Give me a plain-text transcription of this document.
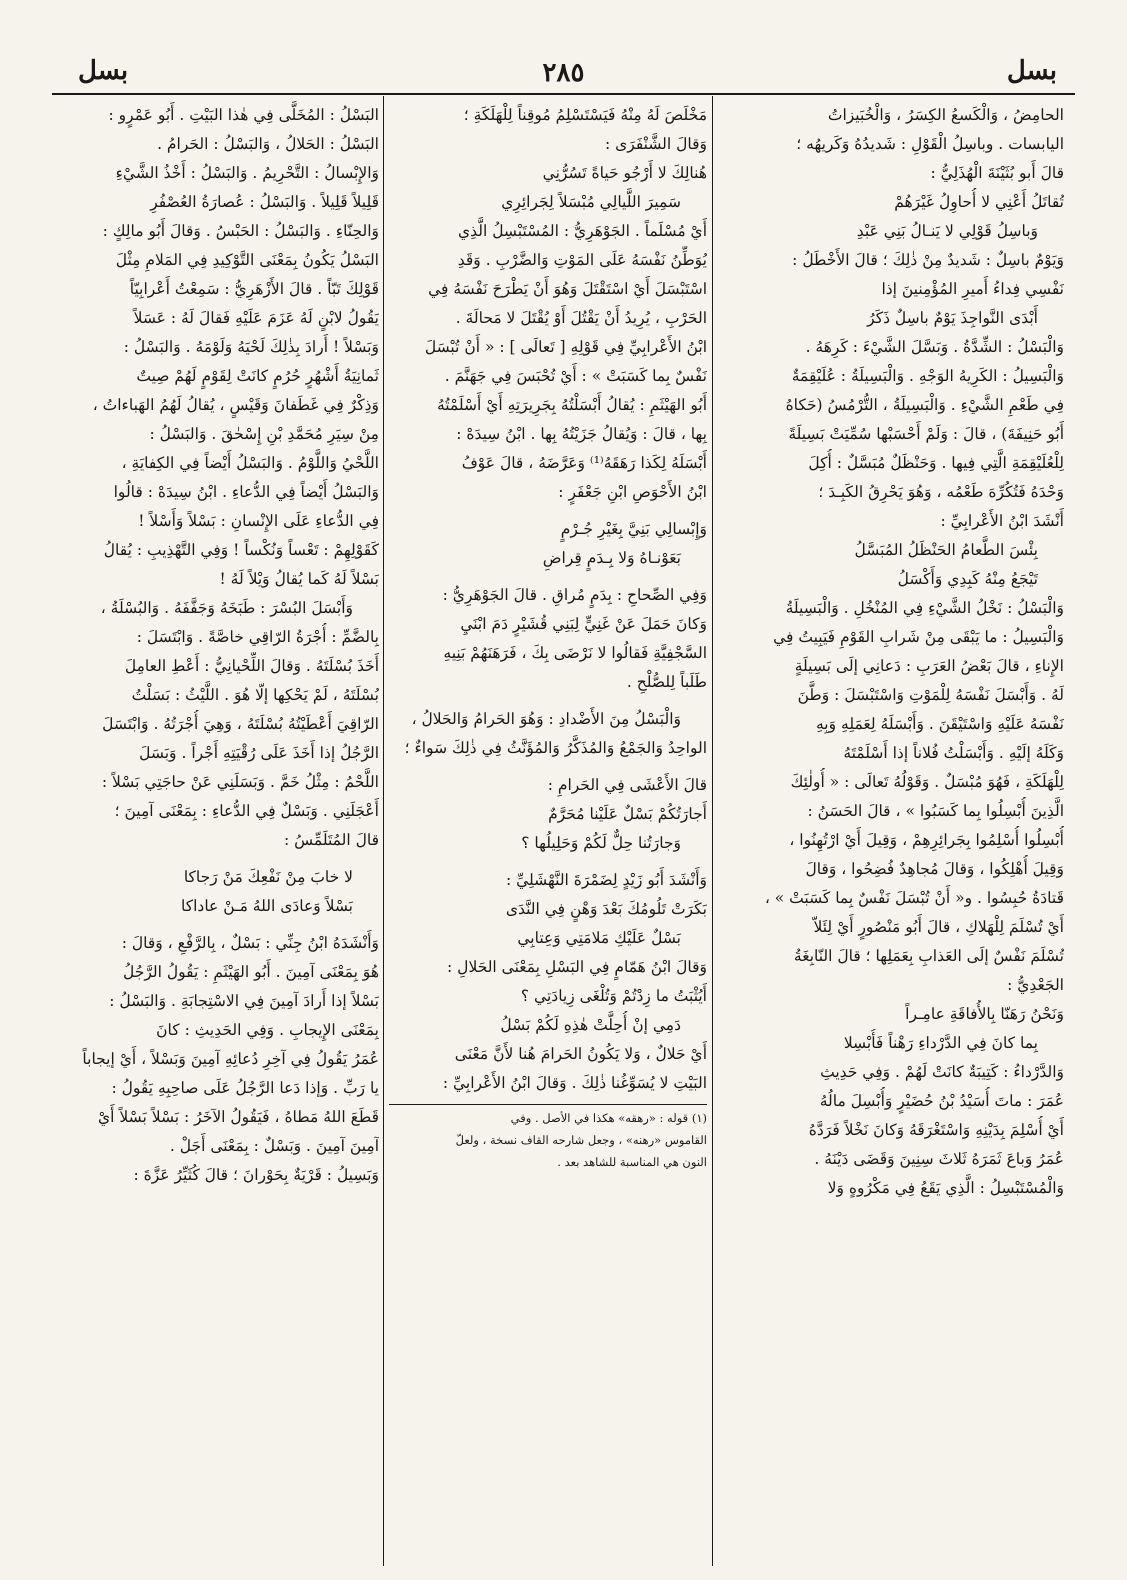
بسل
٢٨٥
بسل
الحامِضُ ، وَالْكَسعُ الكِسَرُ ، وَالْخُبَيزاتُ
اليابسات . وباسِلُ الْقَوْلِ : شَديدُهُ وَكَريهُه ؛
قالَ أَبو بُثَيْنَةَ الْهُذَلِيُّ :
تُقاتَلُ أَعْنِي لا أُحاوِلُ غَيْرَهُمْ
وَباسِلُ قَوْلِي لا يَنـالُ بَنِي عَبْدِ
وَيَوْمٌ باسِلٌ : شَديدٌ مِنْ ذٰلِكَ ؛ قالَ الأَخْطَلُ :
نَفْسِي فِداءُ أَميرِ المُؤْمِنينَ إذا
أَبْدَى النَّواجِذَ يَوْمٌ باسِلٌ ذَكَرُ
وَالْبَسْلُ : الشِّدَّةُ . وَبَسَّلَ الشَّيْءَ : كَرِهَهُ .
وَالْبَسِيلُ : الكَرِيهُ الوَجْهِ . وَالْبَسِيلَةُ : عُلَيْقِمَةٌ
فِي طَعْمِ الشَّيْءِ . وَالْبَسِيلَةُ ، التُّرْمُسُ (حَكاهُ
أَبُو حَنِيفَةَ) ، قالَ : وَلَمْ أَحْسَبْها سُمِّيَتْ بَسِيلَةً
لِلْعُلَيْقِمَةِ الَّتِي فِيها . وَحَنْظَلٌ مُبَسَّلٌ : أُكِلَ
وَحْدَهُ فَتُكُرِّهَ طَعْمُه ، وَهُوَ يَحْرِقُ الكَبِـدَ ؛
أَنْشَدَ ابْنُ الأَعْرابِيِّ :
بِئْسَ الطَّعامُ الحَنْظَلُ المُبَسَّلُ
تَيْجَعُ مِنْهُ كَبِدِي وَأَكْسَلُ
وَالْبَسْلُ : نَخْلُ الشَّيْءِ فِي المُنْخُلِ . وَالْبَسِيلَةُ
وَالْبَسِيلُ : ما يَبْقَى مِنْ شَرابِ القَوْمِ فَيَبِيتُ فِي
الإِناءِ ، قالَ بَعْضُ العَرَبِ : دَعانِي إلَى بَسِيلَةٍ
لَهُ . وَأَبْسَلَ نَفْسَهُ لِلْمَوْتِ وَاسْتَبْسَلَ : وَطَّنَ
نَفْسَهُ عَلَيْهِ وَاسْتَيْقَنَ . وَأَبْسَلَهُ لِعَمَلِهِ وَبِهِ
وَكَلَهُ إلَيْهِ . وَأَبْسَلْتُ فُلاناً إذا أَسْلَمْتَهُ
لِلْهَلَكَةِ ، فَهُوَ مُبْسَلٌ . وَقَوْلُهُ تَعالَى : « أُولٰئِكَ
الَّذِينَ أُبْسِلُوا بِما كَسَبُوا » ، قالَ الحَسَنُ :
أُبْسِلُوا أُسْلِمُوا بِجَرائِرِهِمْ ، وَقِيلَ أَيْ ارْتُهِنُوا ،
وَقِيلَ أُهْلِكُوا ، وَقالَ مُجاهِدٌ فُضِحُوا ، وَقالَ
قَتادَةُ حُبِسُوا . و« أَنْ تُبْسَلَ نَفْسٌ بِما كَسَبَتْ » ،
أَيْ تُسْلَمَ لِلْهَلاكِ ، قالَ أَبُو مَنْصُورٍ أَيْ لِئَلاّ
تُسْلَمَ نَفْسٌ إلَى العَذابِ بِعَمَلِها ؛ قالَ النّابِغَةُ
الجَعْدِيُّ :
وَنَحْنُ رَهَنّا بِالأُفاقَةِ عامِـراً
بِما كانَ فِي الدَّرْداءِ رَهْناً فَأُبْسِلا
وَالدَّرْداءُ : كَتِيبَةٌ كانَتْ لَهُمْ . وَفِي حَدِيثِ
عُمَرَ : ماتَ أُسَيْدُ بْنُ حُضَيْرٍ وَأُبْسِلَ مالُهُ
أَيْ أُسْلِمَ بِدَيْنِهِ وَاسْتَغْرَقَهُ وَكانَ نَخْلاً فَرَدَّهُ
عُمَرُ وَباعَ ثَمَرَهُ ثَلاثَ سِنِينَ وَقَضَى دَيْنَهُ .
وَالْمُسْتَبْسِلُ : الَّذِي يَقَعُ فِي مَكْرُوهٍ وَلا
مَخْلَصَ لَهُ مِنْهُ فَيَسْتَسْلِمُ مُوقِناً لِلْهَلَكَةِ ؛
وَقالَ الشَّنْفَرَى :
هُنالِكَ لا أَرْجُو حَياةً تَسُرُّنِي
سَمِيرَ اللَّيالِي مُبْسَلاً لِجَرائِرِي
أَيْ مُسْلَماً . الجَوْهَرِيُّ : المُسْتَبْسِلُ الَّذِي
يُوَطِّنُ نَفْسَهُ عَلَى المَوْتِ وَالضَّرْبِ . وَقَدِ
اسْتَبْسَلَ أَيْ اسْتَقْتَلَ وَهُوَ أَنْ يَطْرَحَ نَفْسَهُ فِي
الحَرْبِ ، يُرِيدُ أَنْ يَقْتُلَ أَوْ يُقْتَلَ لا مَحالَةَ .
ابْنُ الأَعْرابِيِّ فِي قَوْلِهِ [ تَعالَى ] : « أَنْ تُبْسَلَ
نَفْسٌ بِما كَسَبَتْ » : أَيْ تُحْبَسَ فِي جَهَنَّمَ .
أَبُو الهَيْثَمِ : يُقالُ أَبْسَلْتُهُ بِجَرِيرَتِهِ أَيْ أَسْلَمْتُهُ
بِها ، قالَ : وَيُقالُ جَزَيْتُهُ بِها . ابْنُ سِيدَهْ :
أَبْسَلَهُ لِكَذا رَهَقَهُ⁽¹⁾ وَعَرَّضَهُ ، قالَ عَوْفُ
ابْنُ الأَحْوَصِ ابْنِ جَعْفَرٍ :
وَإِبْسالِي بَنِيَّ بِغَيْرِ جُـرْمٍ
بَعَوْنـاهُ وَلا بِـدَمٍ قِراضِ
وَفِي الصِّحاحِ : بِدَمٍ مُراقِ . قالَ الجَوْهَرِيُّ :
وَكانَ حَمَلَ عَنْ غَنِيٍّ لِبَنِي قُشَيْرٍ دَمَ ابْنَيِ
السَّجْفِيَّةِ فَقالُوا لا نَرْضَى بِكَ ، فَرَهَنَهُمْ بَنِيهِ
طَلَباً لِلصُّلْحِ .
وَالْبَسْلُ مِنَ الأَضْدادِ : وَهُوَ الحَرامُ وَالحَلالُ ،
الواحِدُ وَالجَمْعُ وَالمُذَكَّرُ وَالمُؤَنَّثُ فِي ذٰلِكَ سَواءٌ ؛
قالَ الأَعْشَى فِي الحَرامِ :
أَجارَتُكُمْ بَسْلٌ عَلَيْنا مُحَرَّمٌ
وَجارَتُنا حِلٌّ لَكُمْ وَحَلِيلُها ؟
وَأَنْشَدَ أَبُو زَيْدٍ لِضَمْرَةَ النَّهْشَلِيِّ :
بَكَرَتْ تَلُومُكَ بَعْدَ وَهْنٍ فِي النَّدَى
بَسْلٌ عَلَيْكِ مَلامَتِي وَعِتابِي
وَقالَ ابْنُ هَمّامٍ فِي البَسْلِ بِمَعْنَى الحَلالِ :
أَيُثْبَتُ ما زِدْتُمْ وَتُلْغَى زِيادَتِي ؟
دَمِي إنْ أُحِلَّتْ هٰذِهِ لَكُمْ بَسْلُ
أَيْ حَلالٌ ، وَلا يَكُونُ الحَرامَ هُنا لأَنَّ مَعْنَى
البَيْتِ لا يُسَوِّغُنا ذٰلِكَ . وَقالَ ابْنُ الأَعْرابِيِّ :
(١) قوله : «رهقه» هكذا في الأصل . وفي
القاموس «رهنه» ، وجعل شارحه القاف نسخة ، ولعلّ
النون هي المناسبة للشاهد بعد .
البَسْلُ : المُخَلَّى فِي هٰذا البَيْتِ . أَبُو عَمْرٍو :
البَسْلُ : الحَلالُ ، وَالبَسْلُ : الحَرامُ .
وَالإِبْسالُ : التَّحْرِيمُ . وَالبَسْلُ : أَخْذُ الشَّيْءِ
قَلِيلاً قَلِيلاً . وَالبَسْلُ : عُصارَةُ العُصْفُرِ
وَالحِنّاءِ . وَالبَسْلُ : الحَبْسُ . وَقالَ أَبُو مالِكٍ :
البَسْلُ يَكُونُ بِمَعْنَى التَّوْكِيدِ فِي المَلامِ مِثْلَ
قَوْلِكَ تَبّاً . قالَ الأَزْهَرِيُّ : سَمِعْتُ أَعْرابِيّاً
يَقُولُ لابْنٍ لَهُ عَزَمَ عَلَيْهِ فَقالَ لَهُ : عَسَلاً
وَبَسْلاً ! أَرادَ بِذٰلِكَ لَحْيَهُ وَلَوْمَهُ . وَالبَسْلُ :
ثَمانِيَةُ أَشْهُرٍ حُرُمٍ كانَتْ لِقَوْمٍ لَهُمْ صِيتٌ
وَذِكْرٌ فِي غَطَفانَ وَقَيْسٍ ، يُقالُ لَهُمُ الهَباءاتُ ،
مِنْ سِيَرِ مُحَمَّدِ بْنِ إِسْحٰقَ . وَالبَسْلُ :
اللَّحْيُ وَاللَّوْمُ . وَالبَسْلُ أَيْضاً فِي الكِفايَةِ ،
وَالبَسْلُ أَيْضاً فِي الدُّعاءِ . ابْنُ سِيدَهْ : قالُوا
فِي الدُّعاءِ عَلَى الإِنْسانِ : بَسْلاً وَأَسْلاً !
كَقَوْلِهِمْ : تَعْساً وَنُكْساً ! وَفِي التَّهْذِيبِ : يُقالُ
بَسْلاً لَهُ كَما يُقالُ وَيْلاً لَهُ !
وَأَبْسَلَ البُسْرَ : طَبَخَهُ وَجَفَّفَهُ . وَالبُسْلَةُ ،
بِالضَّمِّ : أُجْرَةُ الرّاقِي خاصَّةً . وَابْتَسَلَ :
أَخَذَ بُسْلَتَهُ . وَقالَ اللِّحْيانِيُّ : أَعْطِ العامِلَ
بُسْلَتَهُ ، لَمْ يَحْكِها إلّا هُوَ . اللَّيْثُ : بَسَلْتُ
الرّاقِيَ أَعْطَيْتُهُ بُسْلَتَهُ ، وَهِيَ أُجْرَتُهُ . وَابْتَسَلَ
الرَّجُلُ إذا أَخَذَ عَلَى رُقْيَتِهِ أَجْراً . وَبَسَلَ
اللَّحْمُ : مِثْلُ خَمَّ . وَبَسَلَنِي عَنْ حاجَتِي بَسْلاً :
أَعْجَلَنِي . وَبَسْلٌ فِي الدُّعاءِ : بِمَعْنَى آمِينَ ؛
قالَ المُتَلَمِّسُ :
لا خابَ مِنْ نَفْعِكَ مَنْ رَجاكا
بَسْلاً وَعادَى اللهُ مَـنْ عاداكا
وَأَنْشَدَهُ ابْنُ جِنِّي : بَسْلٌ ، بِالرَّفْعِ ، وَقالَ :
هُوَ بِمَعْنَى آمِينَ . أَبُو الهَيْثَمِ : يَقُولُ الرَّجُلُ
بَسْلاً إذا أَرادَ آمِينَ فِي الاسْتِجابَةِ . وَالبَسْلُ :
بِمَعْنَى الإِيجابِ . وَفِي الحَدِيثِ : كانَ
عُمَرُ يَقُولُ فِي آخِرِ دُعائِهِ آمِينَ وَبَسْلاً ، أَيْ إيجاباً
يا رَبِّ . وَإذا دَعا الرَّجُلُ عَلَى صاحِبِهِ يَقُولُ :
قَطَعَ اللهُ مَطاهُ ، فَيَقُولُ الآخَرُ : بَسْلاً بَسْلاً أَيْ
آمِينَ آمِينَ . وَبَسْلٌ : بِمَعْنَى أَجَلْ .
وَبَسِيلُ : قَرْيَةٌ بِحَوْرانَ ؛ قالَ كُثَيِّرُ عَزَّةَ :
